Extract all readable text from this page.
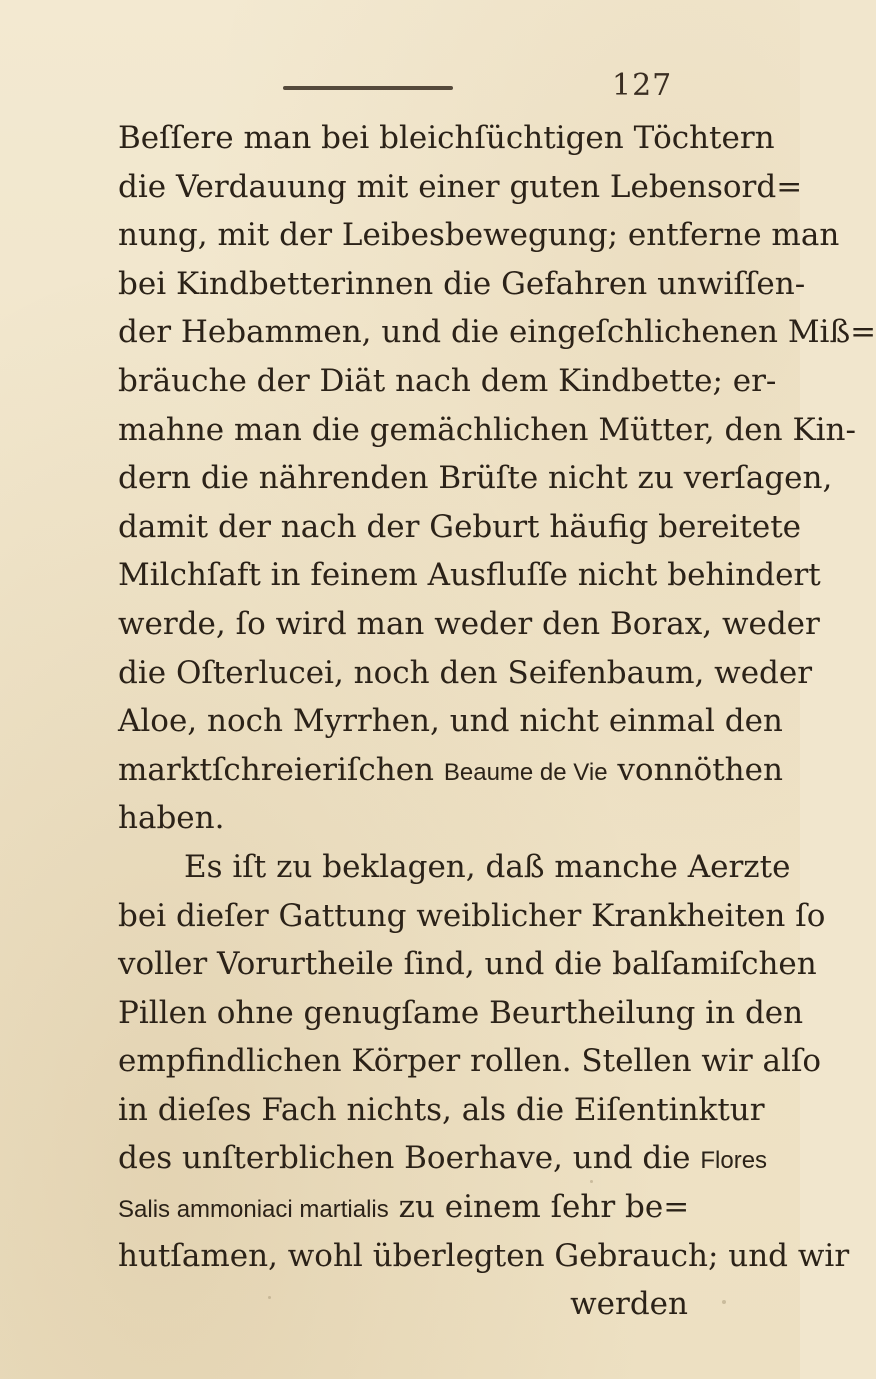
127
Beſſere man bei bleichſüchtigen Töchtern
die Verdauung mit einer guten Lebensord=
nung, mit der Leibesbewegung; entferne man
bei Kindbetterinnen die Gefahren unwiſſen-
der Hebammen, und die eingeſchlichenen Miß=
bräuche der Diät nach dem Kindbette; er-
mahne man die gemächlichen Mütter, den Kin-
dern die nährenden Brüſte nicht zu verſagen,
damit der nach der Geburt häufig bereitete
Milchſaft in feinem Ausfluſſe nicht behindert
werde, ſo wird man weder den Borax, weder
die Oſterlucei, noch den Seifenbaum, weder
Aloe, noch Myrrhen, und nicht einmal den
marktſchreieriſchen Beaume de Vie vonnöthen
haben.
Es iſt zu beklagen, daß manche Aerzte
bei dieſer Gattung weiblicher Krankheiten ſo
voller Vorurtheile ſind, und die balſamiſchen
Pillen ohne genugſame Beurtheilung in den
empfindlichen Körper rollen. Stellen wir alſo
in dieſes Fach nichts, als die Eiſentinktur
des unſterblichen Boerhave, und die Flores
Salis ammoniaci martialis zu einem ſehr be=
hutſamen, wohl überlegten Gebrauch; und wir
werden
